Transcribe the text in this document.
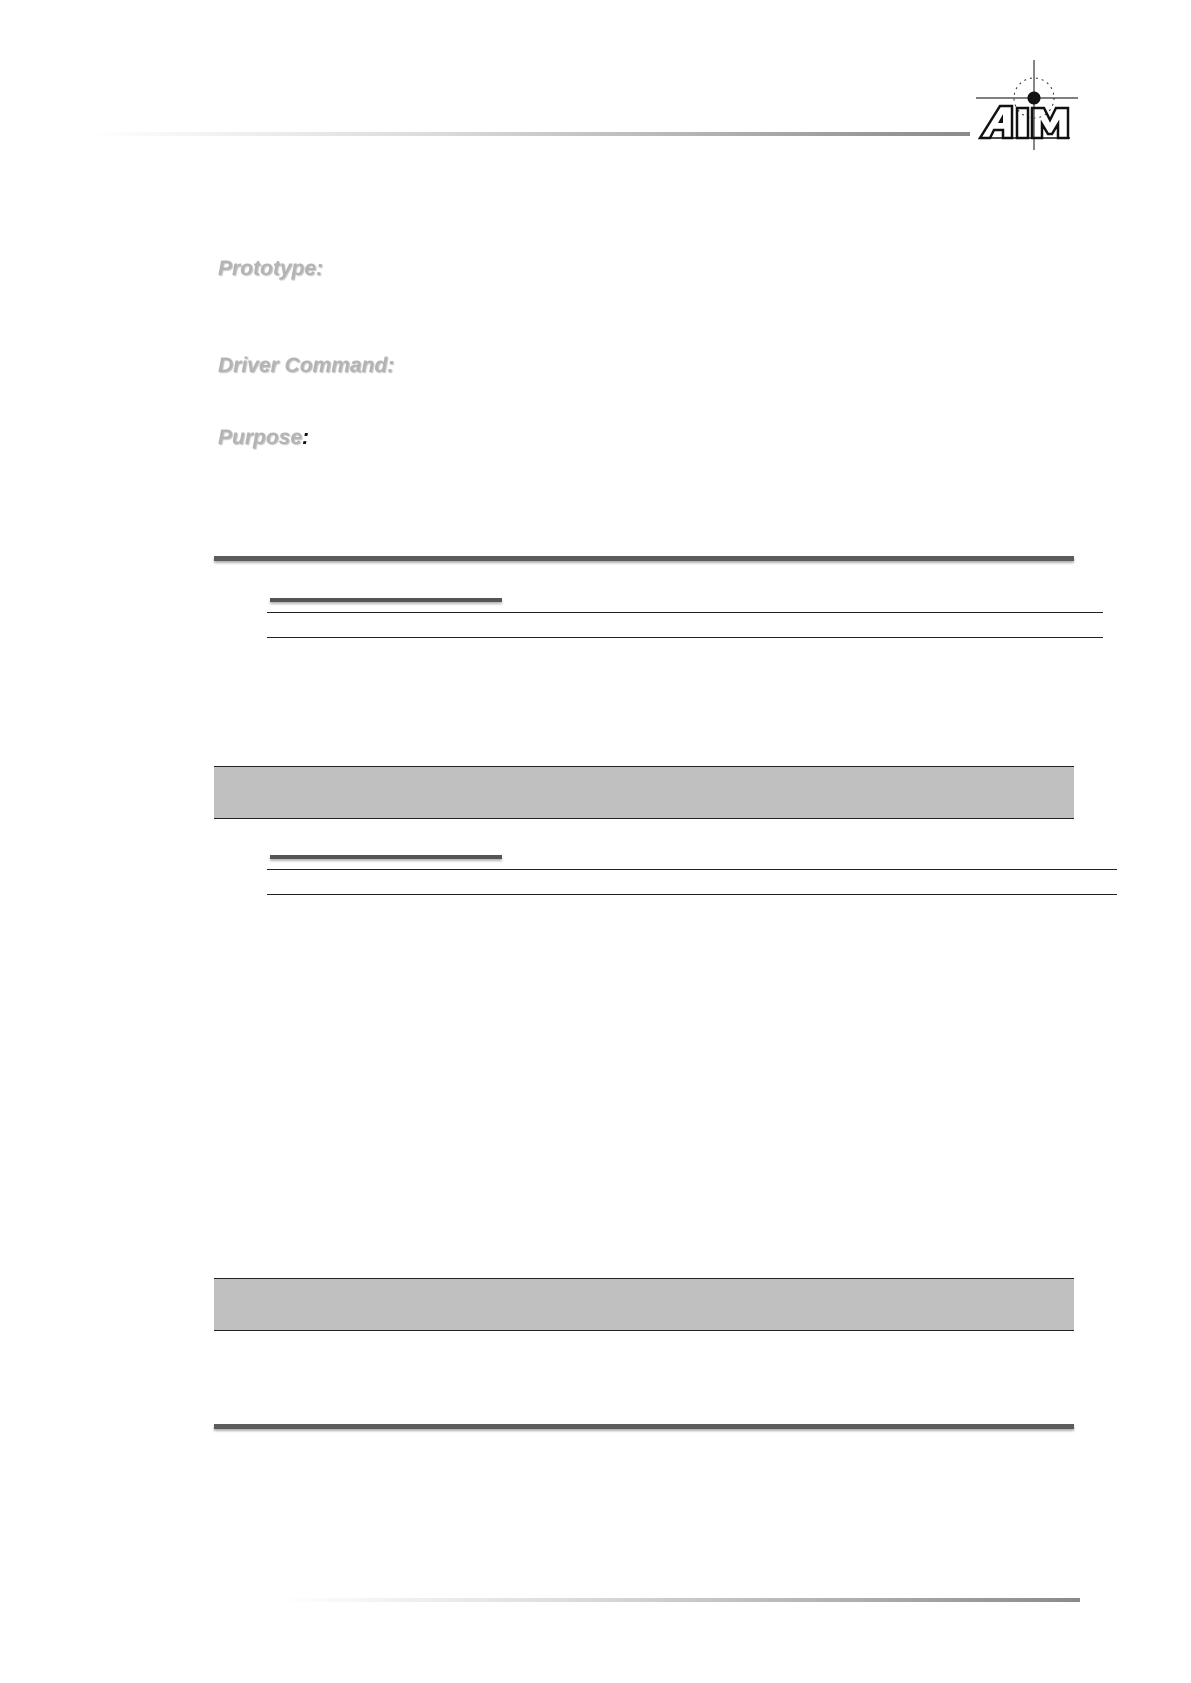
Prototype:
Driver Command:
Purpose:
